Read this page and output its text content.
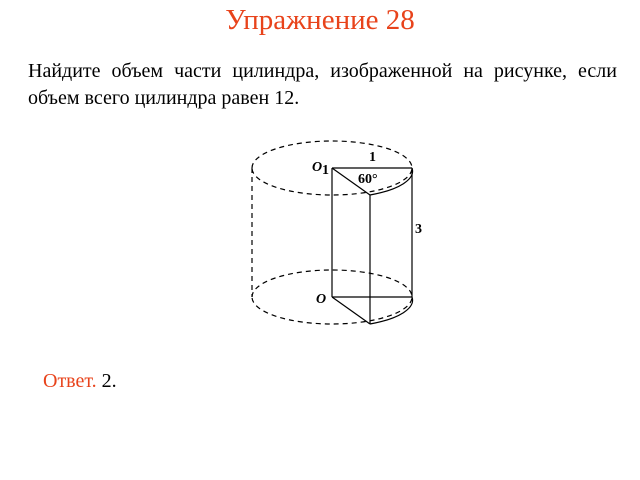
Упражнение 28
Найдите объем части цилиндра, изображенной на рисунке, если объем всего цилиндра равен 12.
O 1
1
60°
3
O
Ответ. 2.
